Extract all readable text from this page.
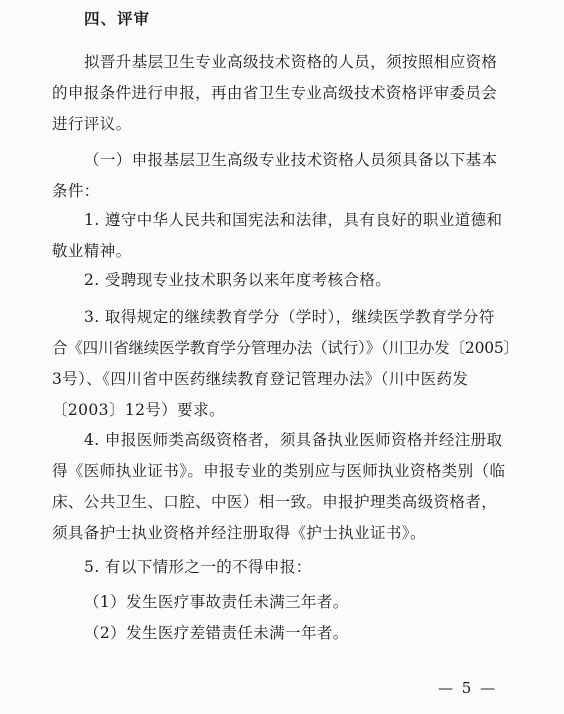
四、评审

拟晋升基层卫生专业高级技术资格的人员，须按照相应资格
的申报条件进行申报，再由省卫生专业高级技术资格评审委员会
进行评议。

（一）申报基层卫生高级专业技术资格人员须具备以下基本
条件：

1. 遵守中华人民共和国宪法和法律，具有良好的职业道德和
敬业精神。

2. 受聘现专业技术职务以来年度考核合格。

3. 取得规定的继续教育学分（学时），继续医学教育学分符
合《四川省继续医学教育学分管理办法（试行）》（川卫办发〔2005〕
3号）、《四川省中医药继续教育登记管理办法》（川中医药发
〔2003〕12号）要求。

4. 申报医师类高级资格者，须具备执业医师资格并经注册取
得《医师执业证书》。申报专业的类别应与医师执业资格类别（临
床、公共卫生、口腔、中医）相一致。申报护理类高级资格者，
须具备护士执业资格并经注册取得《护士执业证书》。

5. 有以下情形之一的不得申报：

（1）发生医疗事故责任未满三年者。

（2）发生医疗差错责任未满一年者。

— 5 —
